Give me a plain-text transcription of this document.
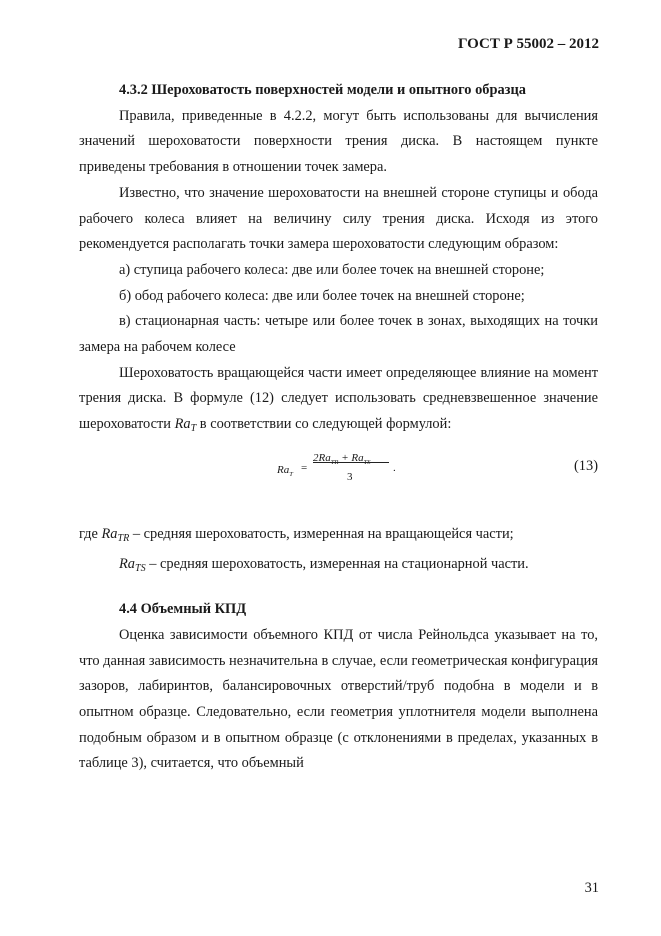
ГОСТ Р 55002 – 2012

4.3.2 Шероховатость поверхностей модели и опытного образца

Правила, приведенные в 4.2.2, могут быть использованы для вычисления значений шероховатости поверхности трения диска. В настоящем пункте приведены требования в отношении точек замера.

Известно, что значение шероховатости на внешней стороне ступицы и обода рабочего колеса влияет на величину силу трения диска. Исходя из этого рекомендуется располагать точки замера шероховатости следующим образом:

а) ступица рабочего колеса: две или более точек на внешней стороне;

б) обод рабочего колеса: две или более точек на внешней стороне;

в) стационарная часть: четыре или более точек в зонах, выходящих на точки замера на рабочем колесе

Шероховатость вращающейся части имеет определяющее влияние на момент трения диска. В формуле (12) следует использовать средневзвешенное значение шероховатости $Ra_T$ в соответствии со следующей формулой:

$Ra_T$
=
$2Ra_{TR} + Ra_{TS}$
3
.	(13)

где $Ra_{TR}$ – средняя шероховатость, измеренная на вращающейся части;

$Ra_{TS}$ – средняя шероховатость, измеренная на стационарной части.

4.4 Объемный КПД

Оценка зависимости объемного КПД от числа Рейнольдса указывает на то, что данная зависимость незначительна в случае, если геометрическая конфигурация зазоров, лабиринтов, балансировочных отверстий/труб подобна в модели и в опытном образце. Следовательно, если геометрия уплотнителя модели выполнена подобным образом и в опытном образце (с отклонениями в пределах, указанных в таблице 3), считается, что объемный

31
